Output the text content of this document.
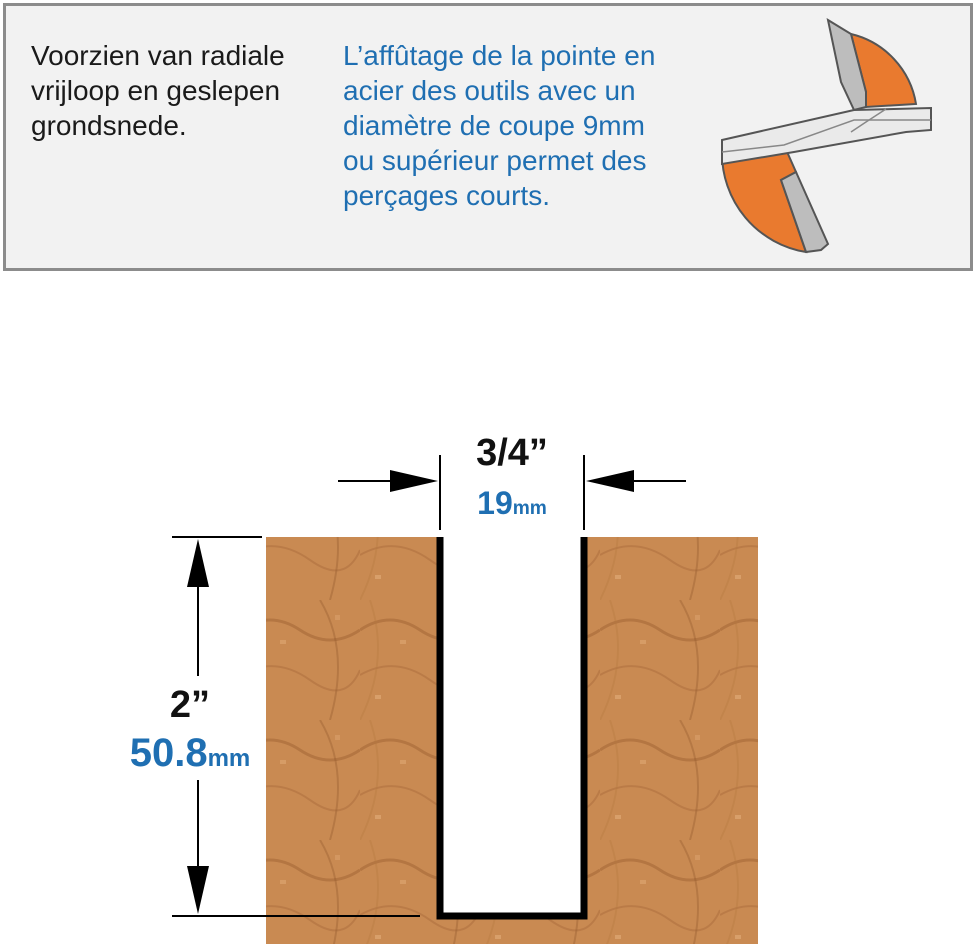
Voorzien van radiale
vrijloop en geslepen
grondsnede.
L’affûtage de la pointe en
acier des outils avec un
diamètre de coupe 9mm
ou supérieur permet des
perçages courts.
3/4”
19mm
2”
50.8mm
